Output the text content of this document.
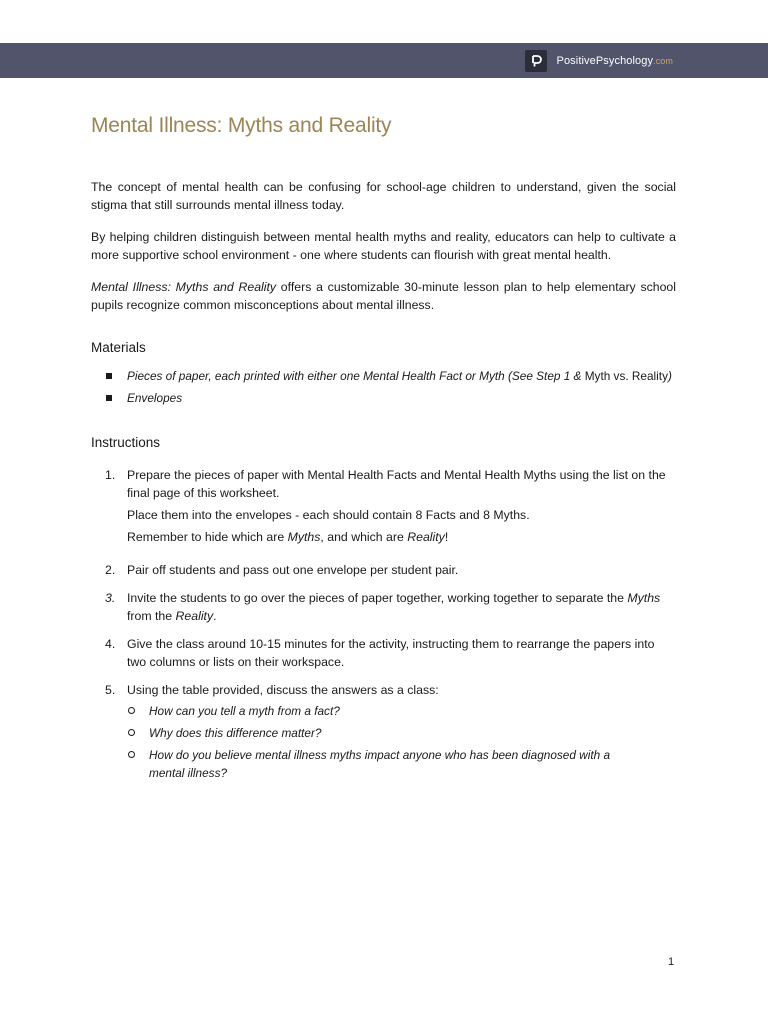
PositivePsychology.com
Mental Illness: Myths and Reality

The concept of mental health can be confusing for school-age children to understand, given the social stigma that still surrounds mental illness today.

By helping children distinguish between mental health myths and reality, educators can help to cultivate a more supportive school environment - one where students can flourish with great mental health.

Mental Illness: Myths and Reality offers a customizable 30-minute lesson plan to help elementary school pupils recognize common misconceptions about mental illness.

Materials
Pieces of paper, each printed with either one Mental Health Fact or Myth (See Step 1 & Myth vs. Reality)
Envelopes
Instructions
1. Prepare the pieces of paper with Mental Health Facts and Mental Health Myths using the list on the final page of this worksheet.
Place them into the envelopes - each should contain 8 Facts and 8 Myths.
Remember to hide which are Myths, and which are Reality!
2. Pair off students and pass out one envelope per student pair.
3. Invite the students to go over the pieces of paper together, working together to separate the Myths from the Reality.
4. Give the class around 10-15 minutes for the activity, instructing them to rearrange the papers into two columns or lists on their workspace.
5. Using the table provided, discuss the answers as a class:
How can you tell a myth from a fact?
Why does this difference matter?
How do you believe mental illness myths impact anyone who has been diagnosed with a mental illness?
1
